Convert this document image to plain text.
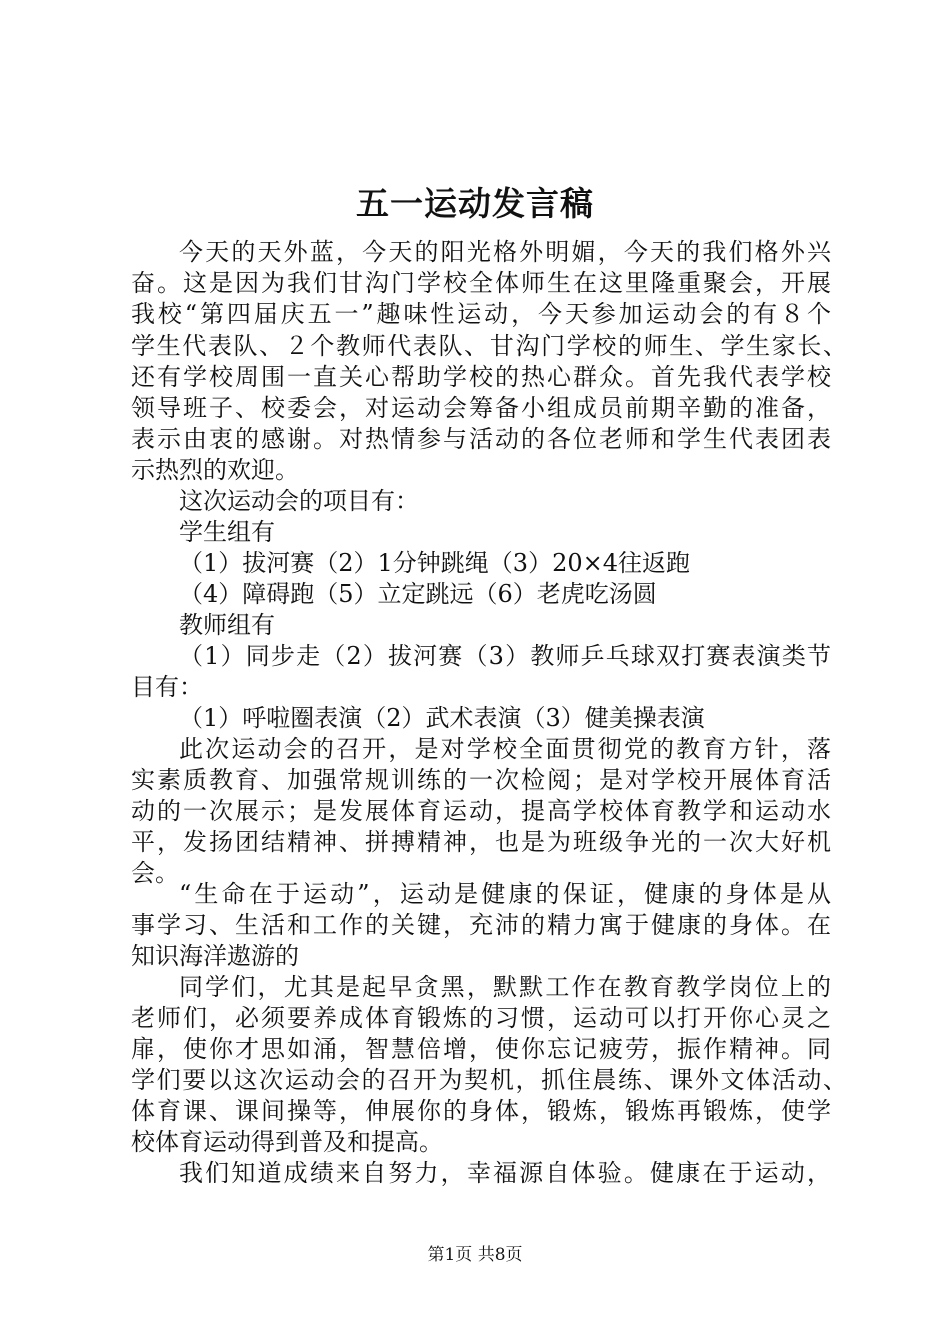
五一运动发言稿

今天的天外蓝，今天的阳光格外明媚，今天的我们格外兴

奋。这是因为我们甘沟门学校全体师生在这里隆重聚会，开展

我校“第四届庆五一”趣味性运动，今天参加运动会的有８个

学生代表队、２个教师代表队、甘沟门学校的师生、学生家长、

还有学校周围一直关心帮助学校的热心群众。首先我代表学校

领导班子、校委会，对运动会筹备小组成员前期辛勤的准备，

表示由衷的感谢。对热情参与活动的各位老师和学生代表团表

示热烈的欢迎。

这次运动会的项目有：

学生组有

（1）拔河赛（2）1分钟跳绳（3）20×4往返跑

（4）障碍跑（5）立定跳远（6）老虎吃汤圆

教师组有

（1）同步走（2）拔河赛（3）教师乒乓球双打赛表演类节

目有：

（1）呼啦圈表演（2）武术表演（3）健美操表演

此次运动会的召开，是对学校全面贯彻党的教育方针，落

实素质教育、加强常规训练的一次检阅；是对学校开展体育活

动的一次展示；是发展体育运动，提高学校体育教学和运动水

平，发扬团结精神、拼搏精神，也是为班级争光的一次大好机

会。

“生命在于运动”，运动是健康的保证，健康的身体是从

事学习、生活和工作的关键，充沛的精力寓于健康的身体。在

知识海洋遨游的

同学们，尤其是起早贪黑，默默工作在教育教学岗位上的

老师们，必须要养成体育锻炼的习惯，运动可以打开你心灵之

扉，使你才思如涌，智慧倍增，使你忘记疲劳，振作精神。同

学们要以这次运动会的召开为契机，抓住晨练、课外文体活动、

体育课、课间操等，伸展你的身体，锻炼，锻炼再锻炼，使学

校体育运动得到普及和提高。

我们知道成绩来自努力，幸福源自体验。健康在于运动，

第1页 共8页
